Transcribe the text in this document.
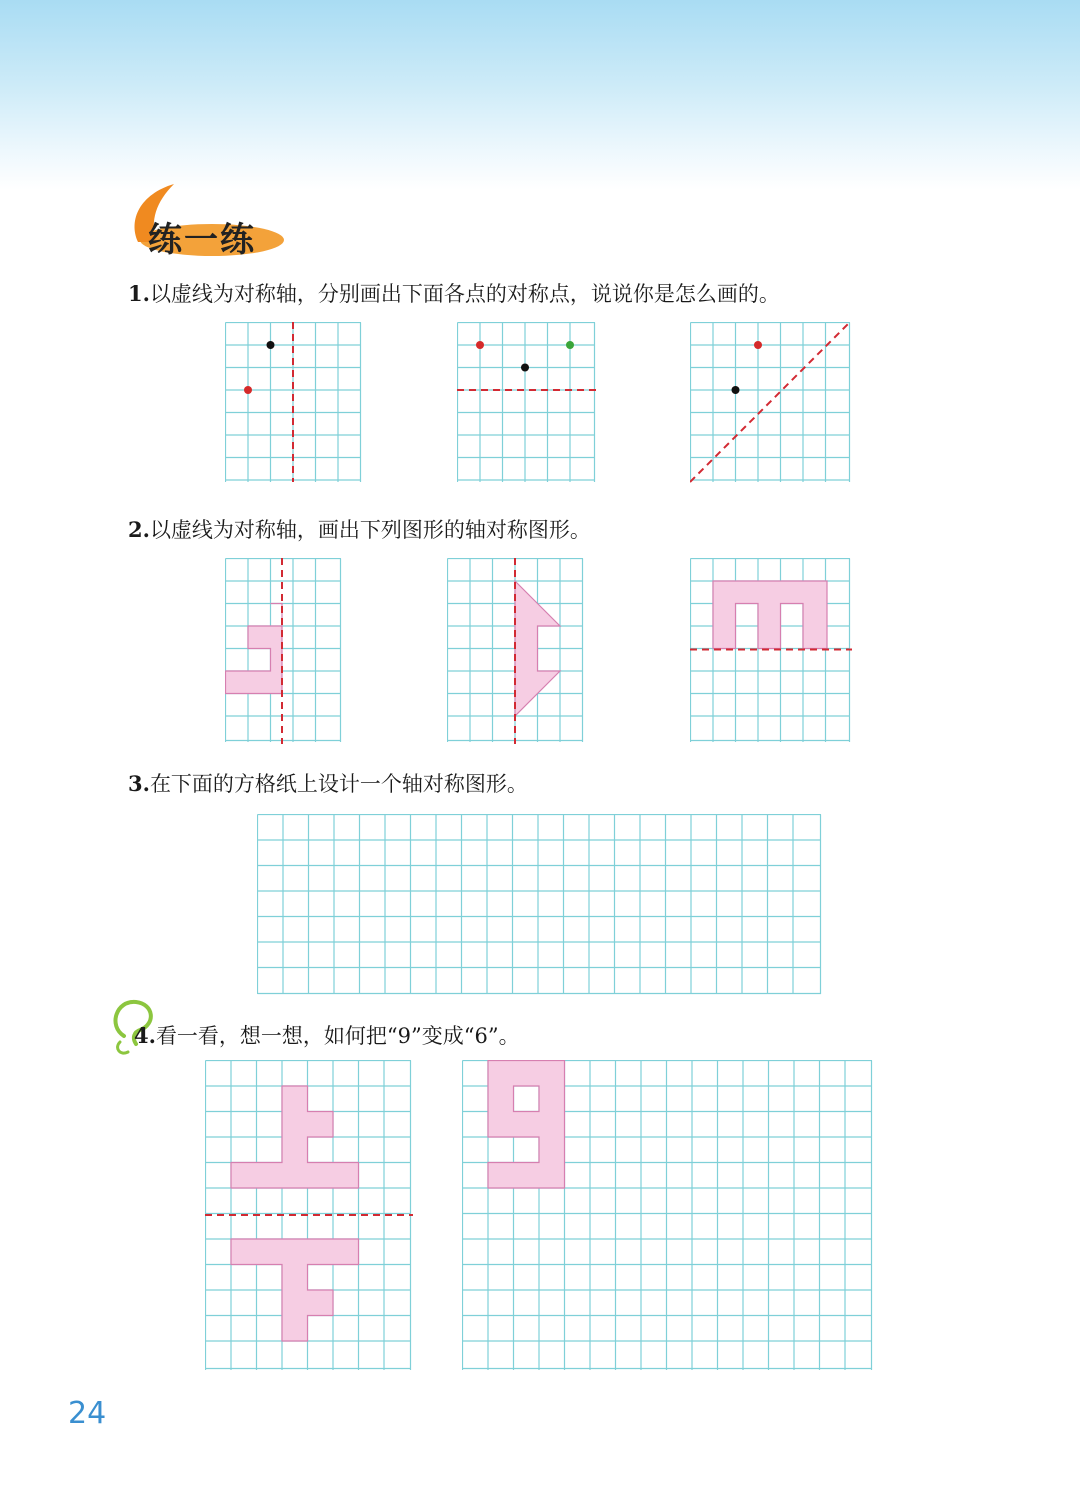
练一练
1.以虚线为对称轴，分别画出下面各点的对称点，说说你是怎么画的。
2.以虚线为对称轴，画出下列图形的轴对称图形。
3.在下面的方格纸上设计一个轴对称图形。
4.看一看，想一想，如何把“9”变成“6”。
24
